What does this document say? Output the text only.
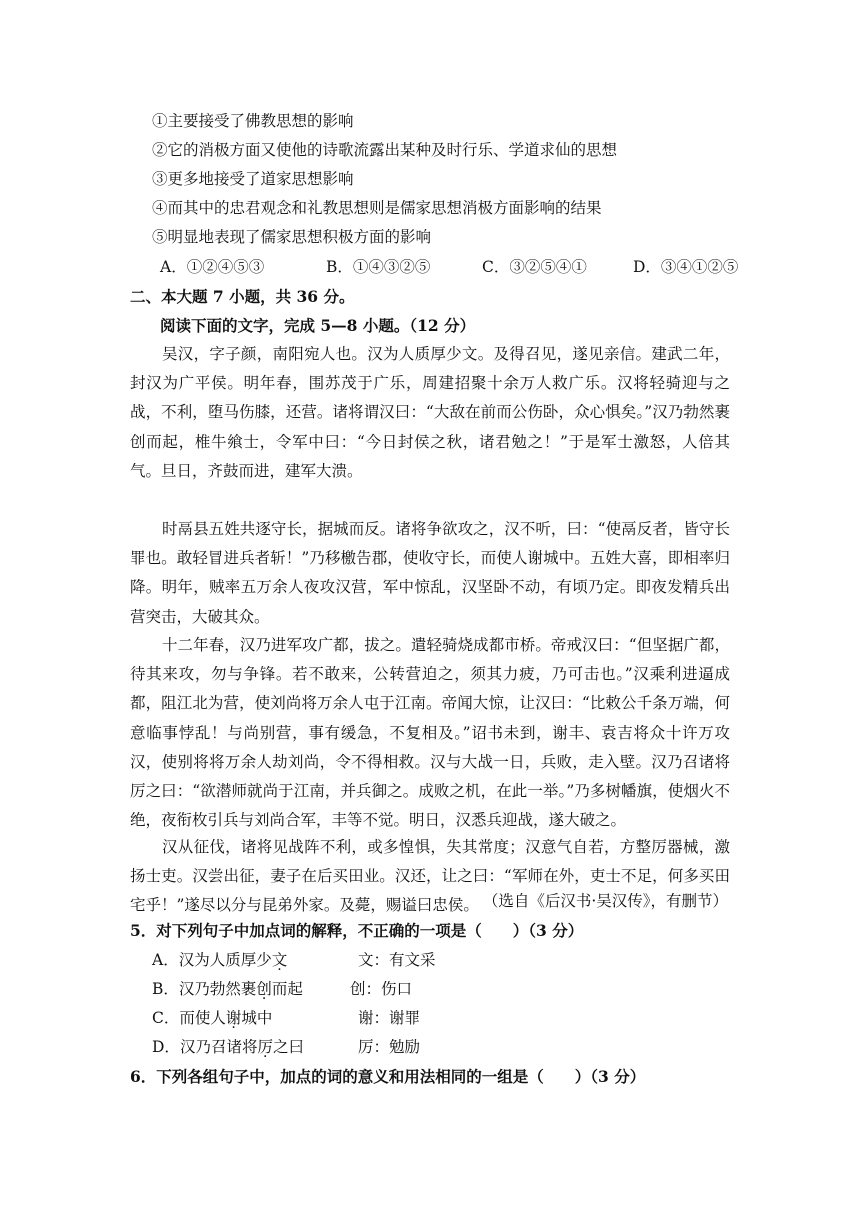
①主要接受了佛教思想的影响
②它的消极方面又使他的诗歌流露出某种及时行乐、学道求仙的思想
③更多地接受了道家思想影响
④而其中的忠君观念和礼教思想则是儒家思想消极方面影响的结果
⑤明显地表现了儒家思想积极方面的影响
A．①②④⑤③	B．①④③②⑤	C．③②⑤④①	D．③④①②⑤
二、本大题 7 小题，共 36 分。
阅读下面的文字，完成 5—8 小题。（12 分）
吴汉，字子颜，南阳宛人也。汉为人质厚少文。及得召见，遂见亲信。建武二年，封汉为广平侯。明年春，围苏茂于广乐，周建招聚十余万人救广乐。汉将轻骑迎与之战，不利，堕马伤膝，还营。诸将谓汉曰：“大敌在前而公伤卧，众心惧矣。”汉乃勃然裹创而起，椎牛飨士，令军中曰：“今日封侯之秋，诸君勉之！”于是军士激怒，人倍其气。旦日，齐鼓而进，建军大溃。
时鬲县五姓共逐守长，据城而反。诸将争欲攻之，汉不听，曰：“使鬲反者，皆守长罪也。敢轻冒进兵者斩！”乃移檄告郡，使收守长，而使人谢城中。五姓大喜，即相率归降。明年，贼率五万余人夜攻汉营，军中惊乱，汉坚卧不动，有顷乃定。即夜发精兵出营突击，大破其众。
十二年春，汉乃进军攻广都，拔之。遣轻骑烧成都市桥。帝戒汉曰：“但坚据广都，待其来攻，勿与争锋。若不敢来，公转营迫之，须其力疲，乃可击也。”汉乘利进逼成都，阻江北为营，使刘尚将万余人屯于江南。帝闻大惊，让汉曰：“比敕公千条万端，何意临事悖乱！与尚别营，事有缓急，不复相及。”诏书未到，谢丰、袁吉将众十许万攻汉，使别将将万余人劫刘尚，令不得相救。汉与大战一日，兵败，走入壁。汉乃召诸将厉之曰：“欲潜师就尚于江南，并兵御之。成败之机，在此一举。”乃多树幡旗，使烟火不绝，夜衔枚引兵与刘尚合军，丰等不觉。明日，汉悉兵迎战，遂大破之。
汉从征伐，诸将见战阵不利，或多惶惧，失其常度；汉意气自若，方整厉器械，激扬士吏。汉尝出征，妻子在后买田业。汉还，让之曰：“军师在外，吏士不足，何多买田宅乎！”遂尽以分与昆弟外家。及薨，赐谥曰忠侯。 （选自《后汉书·吴汉传》，有删节）
5．对下列句子中加点词的解释，不正确的一项是（　　）（3 分）
A．汉为人质厚少文	文：有文采
B．汉乃勃然裹创而起	创：伤口
C．而使人谢城中	谢：谢罪
D．汉乃召诸将厉之曰	厉：勉励
6．下列各组句子中，加点的词的意义和用法相同的一组是（　　）（3 分）
